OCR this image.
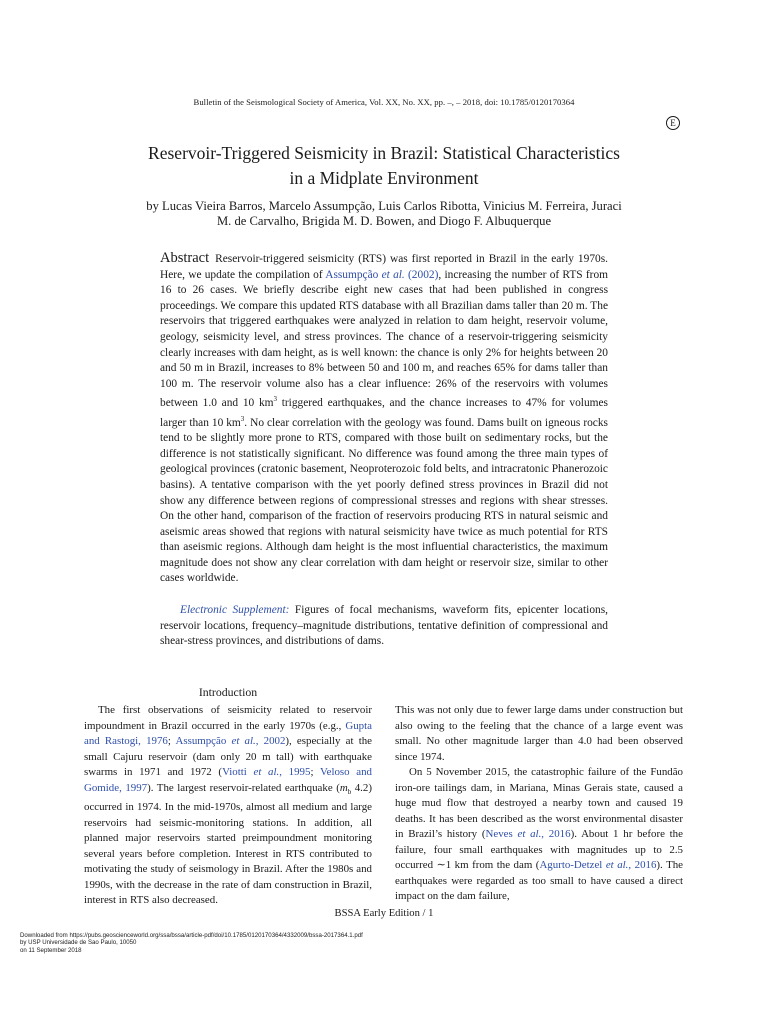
Bulletin of the Seismological Society of America, Vol. XX, No. XX, pp. –, – 2018, doi: 10.1785/0120170364
E
Reservoir-Triggered Seismicity in Brazil: Statistical Characteristics
in a Midplate Environment
by Lucas Vieira Barros, Marcelo Assumpção, Luis Carlos Ribotta, Vinicius M. Ferreira, Juraci
M. de Carvalho, Brigida M. D. Bowen, and Diogo F. Albuquerque
Abstract Reservoir-triggered seismicity (RTS) was first reported in Brazil in the early 1970s. Here, we update the compilation of Assumpção et al. (2002), increasing the number of RTS from 16 to 26 cases. We briefly describe eight new cases that had been published in congress proceedings. We compare this updated RTS database with all Brazilian dams taller than 20 m. The reservoirs that triggered earthquakes were analyzed in relation to dam height, reservoir volume, geology, seismicity level, and stress provinces. The chance of a reservoir-triggering seismicity clearly increases with dam height, as is well known: the chance is only 2% for heights between 20 and 50 m in Brazil, increases to 8% between 50 and 100 m, and reaches 65% for dams taller than 100 m. The reservoir volume also has a clear influence: 26% of the reservoirs with volumes between 1.0 and 10 $km^3$ triggered earthquakes, and the chance increases to 47% for volumes larger than 10 $km^3$. No clear correlation with the geology was found. Dams built on igneous rocks tend to be slightly more prone to RTS, compared with those built on sedimentary rocks, but the difference is not statistically significant. No difference was found among the three main types of geological provinces (cratonic basement, Neoproterozoic fold belts, and intracratonic Phanerozoic basins). A tentative comparison with the yet poorly defined stress provinces in Brazil did not show any difference between regions of compressional stresses and regions with shear stresses. On the other hand, comparison of the fraction of reservoirs producing RTS in natural seismic and aseismic areas showed that regions with natural seismicity have twice as much potential for RTS than aseismic regions. Although dam height is the most influential characteristics, the maximum magnitude does not show any clear correlation with dam height or reservoir size, similar to other cases worldwide.
Electronic Supplement: Figures of focal mechanisms, waveform fits, epicenter locations, reservoir locations, frequency–magnitude distributions, tentative definition of compressional and shear-stress provinces, and distributions of dams.
Introduction

The first observations of seismicity related to reservoir impoundment in Brazil occurred in the early 1970s (e.g., Gupta and Rastogi, 1976; Assumpção et al., 2002), especially at the small Cajuru reservoir (dam only 20 m tall) with earthquake swarms in 1971 and 1972 (Viotti et al., 1995; Veloso and Gomide, 1997). The largest reservoir-related earthquake ($m_b$ 4.2) occurred in 1974. In the mid-1970s, almost all medium and large reservoirs had seismic-monitoring stations. In addition, all planned major reservoirs started preimpoundment monitoring several years before completion. Interest in RTS contributed to motivating the study of seismology in Brazil. After the 1980s and 1990s, with the decrease in the rate of dam construction in Brazil, interest in RTS also decreased.

This was not only due to fewer large dams under construction but also owing to the feeling that the chance of a large event was small. No other magnitude larger than 4.0 had been observed since 1974.

On 5 November 2015, the catastrophic failure of the Fundão iron-ore tailings dam, in Mariana, Minas Gerais state, caused a huge mud flow that destroyed a nearby town and caused 19 deaths. It has been described as the worst environmental disaster in Brazil’s history (Neves et al., 2016). About 1 hr before the failure, four small earthquakes with magnitudes up to 2.5 occurred ∼1 km from the dam (Agurto-Detzel et al., 2016). The earthquakes were regarded as too small to have caused a direct impact on the dam failure,

BSSA Early Edition / 1
Downloaded from https://pubs.geoscienceworld.org/ssa/bssa/article-pdf/doi/10.1785/0120170364/4332009/bssa-2017364.1.pdf
by USP Universidade de Sao Paulo, 10050
on 11 September 2018
